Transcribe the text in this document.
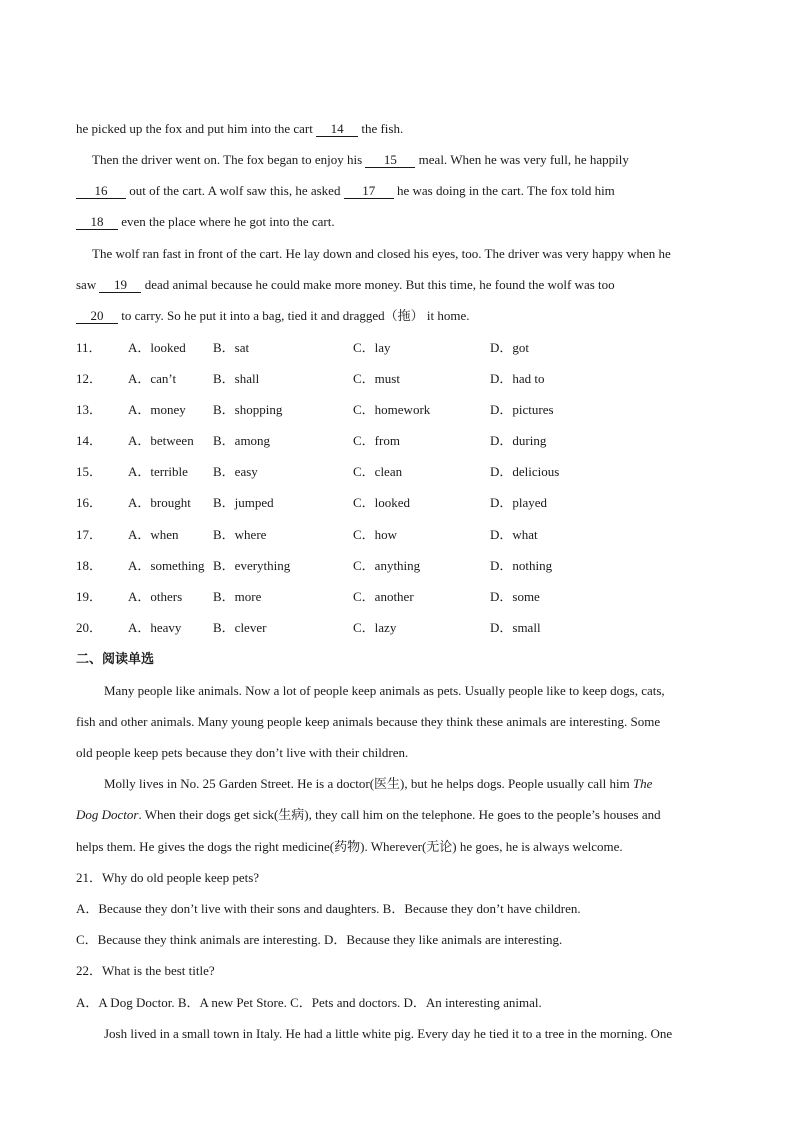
he picked up the fox and put him into the cart 14 the fish.
Then the driver went on. The fox began to enjoy his 15 meal. When he was very full, he happily
16 out of the cart. A wolf saw this, he asked 17 he was doing in the cart. The fox told him
18 even the place where he got into the cart.
The wolf ran fast in front of the cart. He lay down and closed his eyes, too. The driver was very happy when he
saw 19 dead animal because he could make more money. But this time, he found the wolf was too
20 to carry. So he put it into a bag, tied it and dragged（拖） it home.
11． A．looked B．sat	C．lay	D．got
12． A．can’t	B．shall	C．must	D．had to
13． A．money B．shopping	C．homework	D．pictures
14． A．between B．among	C．from	D．during
15． A．terrible B．easy	C．clean	D．delicious
16． A．brought B．jumped	C．looked	D．played
17． A．when	B．where	C．how	D．what
18． A．something B．everything	C．anything	D．nothing
19． A．others B．more	C．another	D．some
20． A．heavy B．clever	C．lazy	D．small
二、阅读单选
Many people like animals. Now a lot of people keep animals as pets. Usually people like to keep dogs, cats,
fish and other animals. Many young people keep animals because they think these animals are interesting. Some
old people keep pets because they don’t live with their children.
Molly lives in No. 25 Garden Street. He is a doctor(医生), but he helps dogs. People usually call him The
Dog Doctor. When their dogs get sick(生病), they call him on the telephone. He goes to the people’s houses and
helps them. He gives the dogs the right medicine(药物). Wherever(无论) he goes, he is always welcome.
21．Why do old people keep pets?
A．Because they don’t live with their sons and daughters. B．Because they don’t have children.
C．Because they think animals are interesting. D．Because they like animals are interesting.
22．What is the best title?
A．A Dog Doctor. B．A new Pet Store. C．Pets and doctors. D．An interesting animal.
Josh lived in a small town in Italy. He had a little white pig. Every day he tied it to a tree in the morning. One
